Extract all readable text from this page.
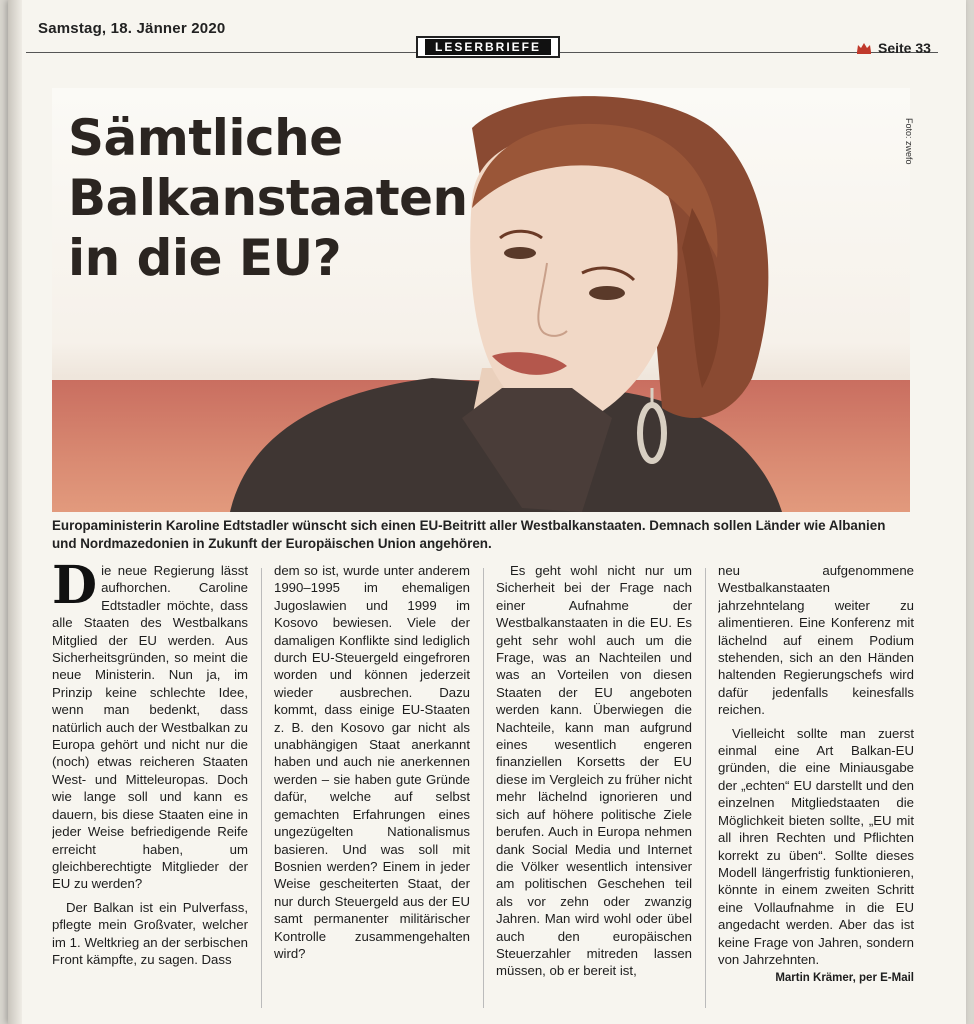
Samstag, 18. Jänner 2020
LESERBRIEFE	Seite 33
Sämtliche
Balkanstaaten
in die EU?
Foto: zwefo

Europaministerin Karoline Edtstadler wünscht sich einen EU-Beitritt aller Westbalkanstaaten. Demnach sollen Länder wie Albanien und Nordmazedonien in Zukunft der Europäischen Union angehören.

Die neue Regierung lässt aufhorchen. Caroline Edtstadler möchte, dass alle Staaten des Westbalkans Mitglied der EU werden. Aus Sicherheitsgründen, so meint die neue Ministerin. Nun ja, im Prinzip keine schlechte Idee, wenn man bedenkt, dass natürlich auch der Westbalkan zu Europa gehört und nicht nur die (noch) etwas reicheren Staaten West- und Mitteleuropas. Doch wie lange soll und kann es dauern, bis diese Staaten eine in jeder Weise befriedigende Reife erreicht haben, um gleichberechtigte Mitglieder der EU zu werden?

Der Balkan ist ein Pulverfass, pflegte mein Großvater, welcher im 1. Weltkrieg an der serbischen Front kämpfte, zu sagen. Dass

dem so ist, wurde unter anderem 1990–1995 im ehemaligen Jugoslawien und 1999 im Kosovo bewiesen. Viele der damaligen Konflikte sind lediglich durch EU-Steuergeld eingefroren worden und können jederzeit wieder ausbrechen. Dazu kommt, dass einige EU-Staaten z. B. den Kosovo gar nicht als unabhängigen Staat anerkannt haben und auch nie anerkennen werden – sie haben gute Gründe dafür, welche auf selbst gemachten Erfahrungen eines ungezügelten Nationalismus basieren. Und was soll mit Bosnien werden? Einem in jeder Weise gescheiterten Staat, der nur durch Steuergeld aus der EU samt permanenter militärischer Kontrolle zusammengehalten wird?

Es geht wohl nicht nur um Sicherheit bei der Frage nach einer Aufnahme der Westbalkanstaaten in die EU. Es geht sehr wohl auch um die Frage, was an Nachteilen und was an Vorteilen von diesen Staaten der EU angeboten werden kann. Überwiegen die Nachteile, kann man aufgrund eines wesentlich engeren finanziellen Korsetts der EU diese im Vergleich zu früher nicht mehr lächelnd ignorieren und sich auf höhere politische Ziele berufen. Auch in Europa nehmen dank Social Media und Internet die Völker wesentlich intensiver am politischen Geschehen teil als vor zehn oder zwanzig Jahren. Man wird wohl oder übel auch den europäischen Steuerzahler mitreden lassen müssen, ob er bereit ist,

neu aufgenommene Westbalkanstaaten jahrzehntelang weiter zu alimentieren. Eine Konferenz mit lächelnd auf einem Podium stehenden, sich an den Händen haltenden Regierungschefs wird dafür jedenfalls keinesfalls reichen.

Vielleicht sollte man zuerst einmal eine Art Balkan-EU gründen, die eine Miniausgabe der „echten“ EU darstellt und den einzelnen Mitgliedstaaten die Möglichkeit bieten sollte, „EU mit all ihren Rechten und Pflichten korrekt zu üben“. Sollte dieses Modell längerfristig funktionieren, könnte in einem zweiten Schritt eine Vollaufnahme in die EU angedacht werden. Aber das ist keine Frage von Jahren, sondern von Jahrzehnten.

Martin Krämer, per E-Mail
